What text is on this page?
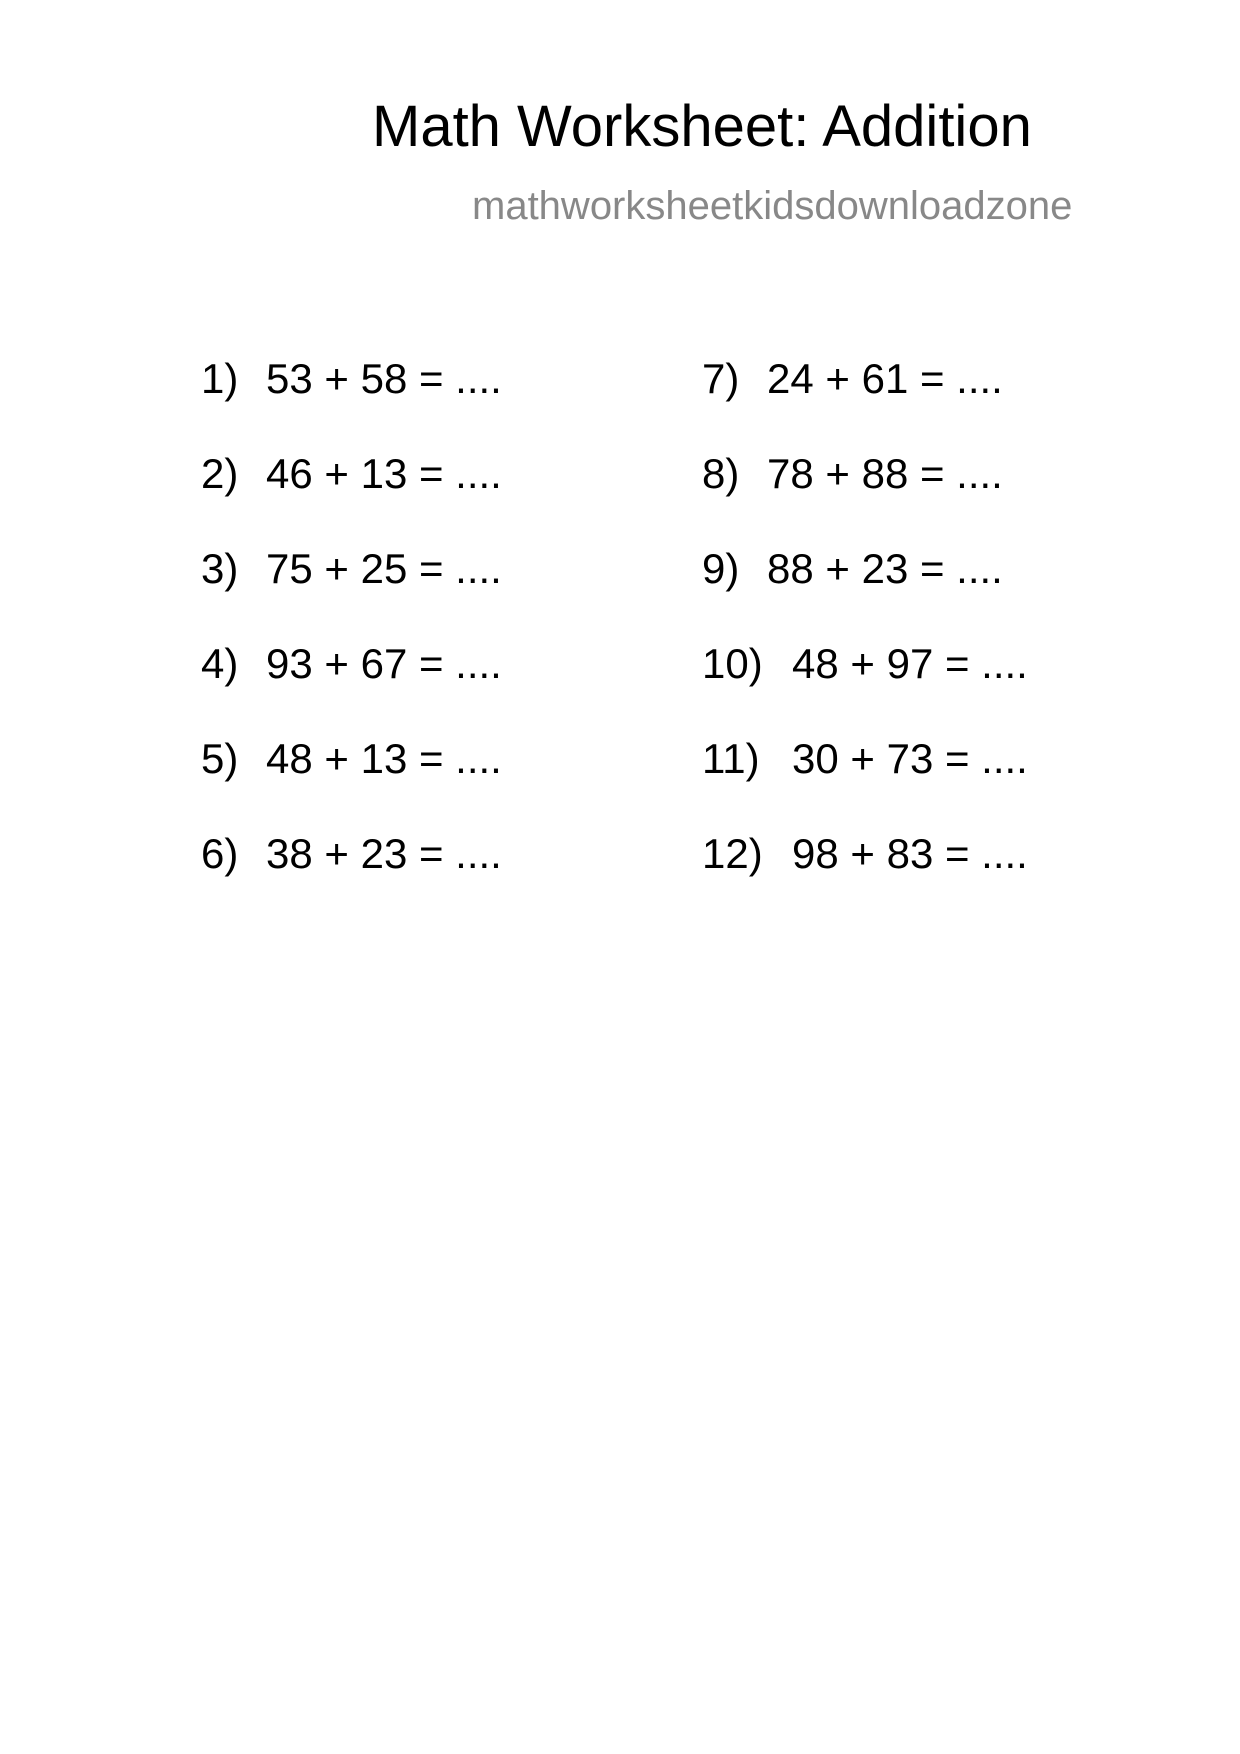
Math Worksheet: Addition
mathworksheetkidsdownloadzone
1) 53 + 58 = ....
2) 46 + 13 = ....
3) 75 + 25 = ....
4) 93 + 67 = ....
5) 48 + 13 = ....
6) 38 + 23 = ....
7) 24 + 61 = ....
8) 78 + 88 = ....
9) 88 + 23 = ....
10) 48 + 97 = ....
11) 30 + 73 = ....
12) 98 + 83 = ....
